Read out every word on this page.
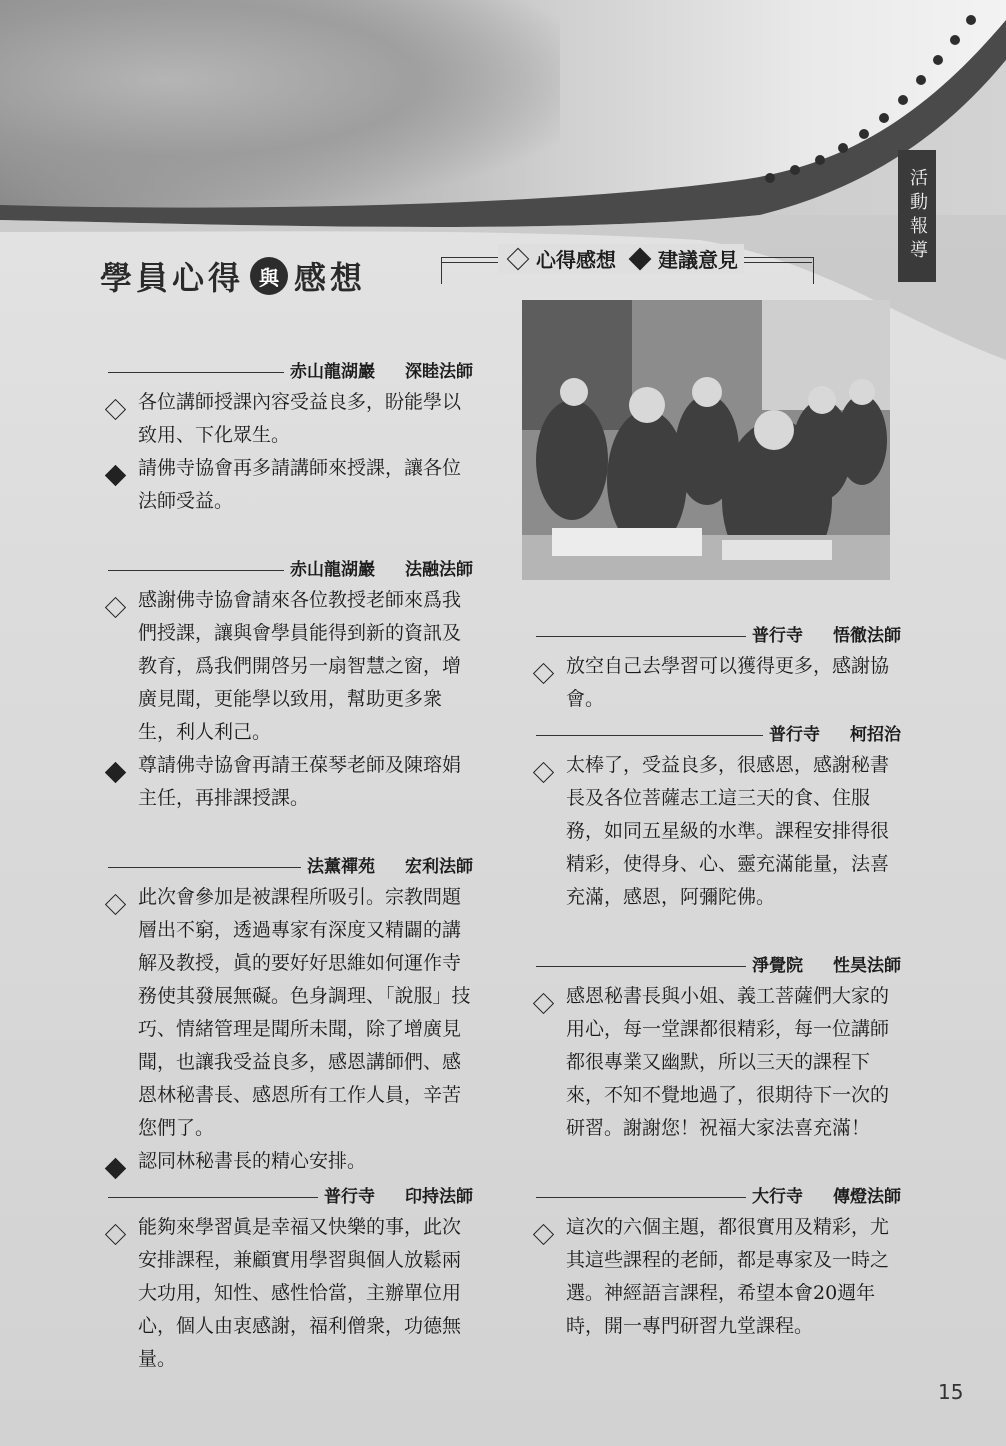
活動報導
學員心得 與 感想	心得感想 建議意見
赤山龍湖巖 深睦法師
各位講師授課內容受益良多，盼能學以致用、下化眾生。
請佛寺協會再多請講師來授課，讓各位法師受益。
赤山龍湖巖 法融法師
感謝佛寺協會請來各位教授老師來爲我們授課，讓與會學員能得到新的資訊及教育，爲我們開啓另一扇智慧之窗，增廣見聞，更能學以致用，幫助更多衆生，利人利己。
尊請佛寺協會再請王葆琴老師及陳瑢娟主任，再排課授課。
法薰禪苑 宏利法師
此次會參加是被課程所吸引。宗教問題層出不窮，透過專家有深度又精闢的講解及教授，眞的要好好思維如何運作寺務使其發展無礙。色身調理、「說服」技巧、情緒管理是聞所未聞，除了增廣見聞，也讓我受益良多，感恩講師們、感恩林秘書長、感恩所有工作人員，辛苦您們了。
認同林秘書長的精心安排。
普行寺 印持法師
能夠來學習眞是幸福又快樂的事，此次安排課程，兼顧實用學習與個人放鬆兩大功用，知性、感性恰當，主辦單位用心，個人由衷感謝，福利僧衆，功德無量。
普行寺 悟徹法師
放空自己去學習可以獲得更多，感謝協會。
普行寺 柯招治
太棒了，受益良多，很感恩，感謝秘書長及各位菩薩志工這三天的食、住服務，如同五星級的水準。課程安排得很精彩，使得身、心、靈充滿能量，法喜充滿，感恩，阿彌陀佛。
淨覺院 性昊法師
感恩秘書長與小姐、義工菩薩們大家的用心，每一堂課都很精彩，每一位講師都很專業又幽默，所以三天的課程下來，不知不覺地過了，很期待下一次的研習。謝謝您！祝福大家法喜充滿！
大行寺 傳燈法師
這次的六個主題，都很實用及精彩，尤其這些課程的老師，都是專家及一時之選。神經語言課程，希望本會20週年時，開一專門研習九堂課程。
15
